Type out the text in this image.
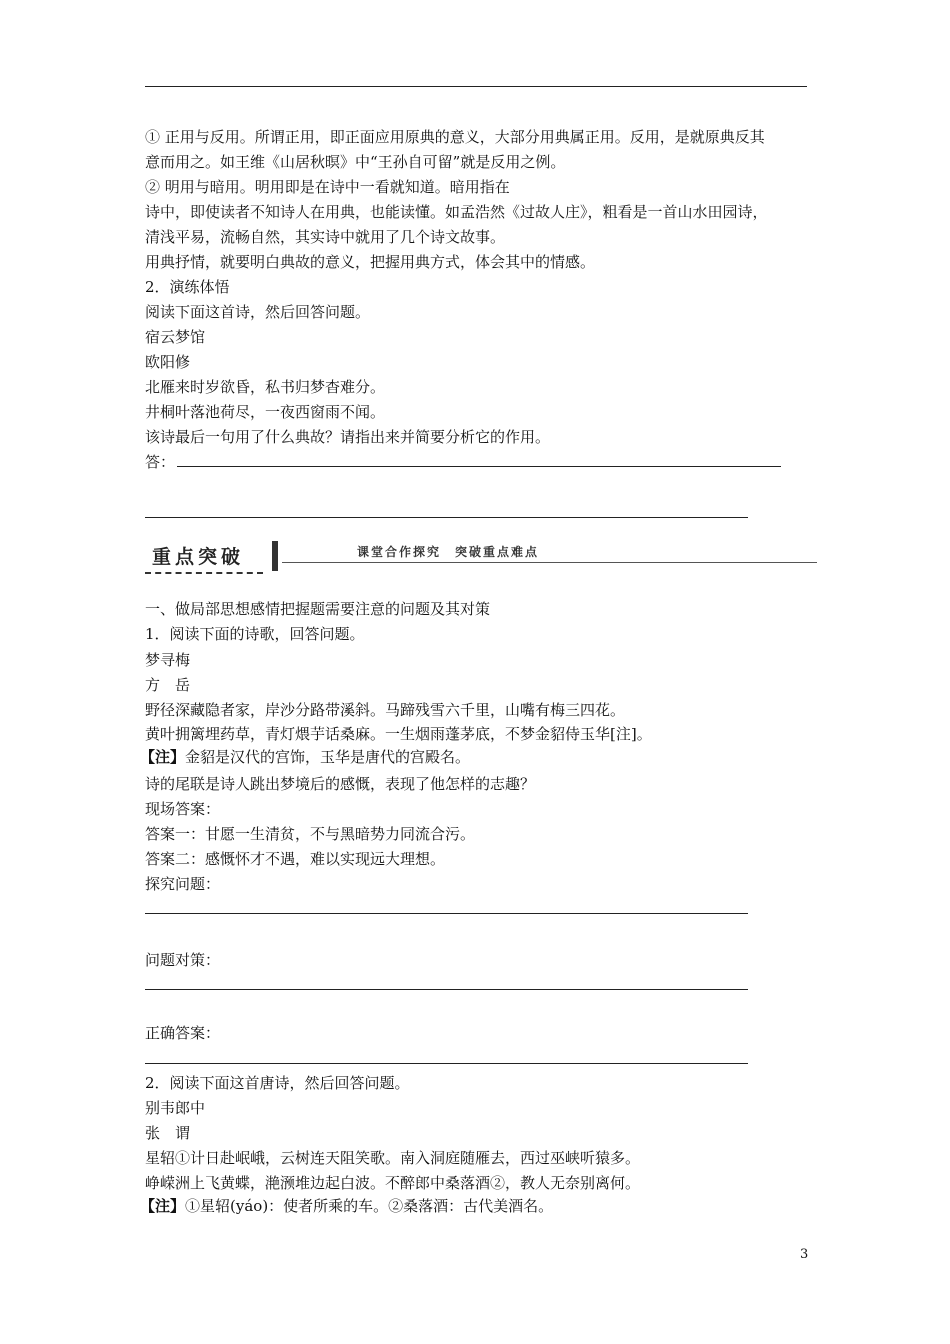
① 正用与反用。所谓正用，即正面应用原典的意义，大部分用典属正用。反用，是就原典反其
意而用之。如王维《山居秋暝》中“王孙自可留”就是反用之例。
② 明用与暗用。明用即是在诗中一看就知道。暗用指在
诗中，即使读者不知诗人在用典，也能读懂。如孟浩然《过故人庄》，粗看是一首山水田园诗，
清浅平易，流畅自然，其实诗中就用了几个诗文故事。
用典抒情，就要明白典故的意义，把握用典方式，体会其中的情感。
2．演练体悟
阅读下面这首诗，然后回答问题。
宿云梦馆
欧阳修
北雁来时岁欲昏，私书归梦杳难分。
井桐叶落池荷尽，一夜西窗雨不闻。
该诗最后一句用了什么典故？请指出来并简要分析它的作用。
答：
重点突破	课堂合作探究　突破重点难点
一、做局部思想感情把握题需要注意的问题及其对策
1．阅读下面的诗歌，回答问题。
梦寻梅
方　岳
野径深藏隐者家，岸沙分路带溪斜。马蹄残雪六千里，山嘴有梅三四花。
黄叶拥篱埋药草，青灯煨芋话桑麻。一生烟雨蓬茅底，不梦金貂侍玉华[注]。
【注】金貂是汉代的宫饰，玉华是唐代的宫殿名。
诗的尾联是诗人跳出梦境后的感慨，表现了他怎样的志趣？
现场答案：
答案一：甘愿一生清贫，不与黑暗势力同流合污。
答案二：感慨怀才不遇，难以实现远大理想。
探究问题：
问题对策：
正确答案：
2．阅读下面这首唐诗，然后回答问题。
别韦郎中
张　谓
星轺①计日赴岷峨，云树连天阻笑歌。南入洞庭随雁去，西过巫峡听猿多。
峥嵘洲上飞黄蝶，滟滪堆边起白波。不醉郎中桑落酒②，教人无奈别离何。
【注】①星轺(yáo)：使者所乘的车。②桑落酒：古代美酒名。
3
